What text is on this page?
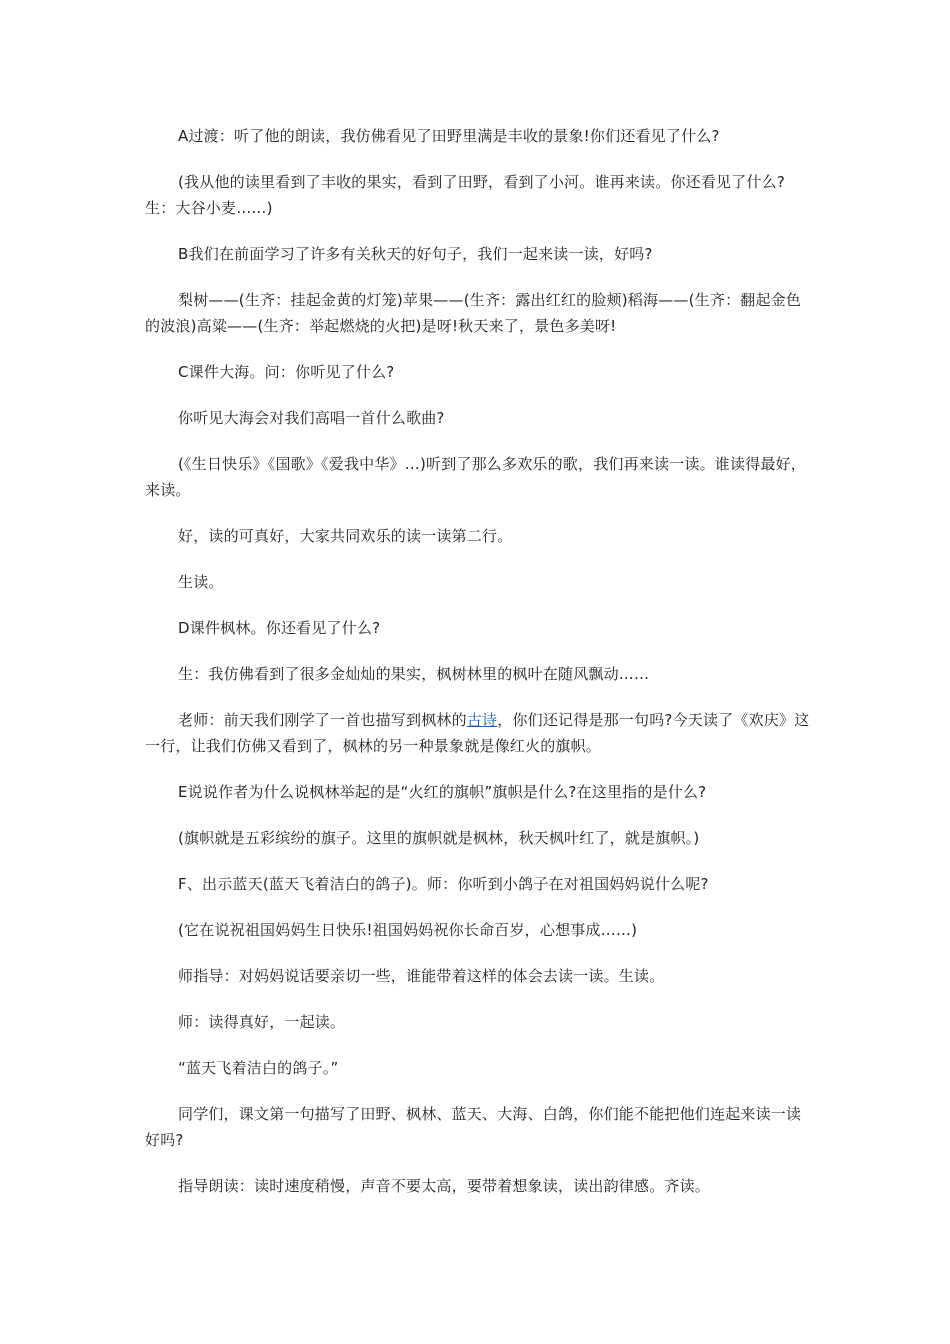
A过渡：听了他的朗读，我仿佛看见了田野里满是丰收的景象!你们还看见了什么?

(我从他的读里看到了丰收的果实，看到了田野，看到了小河。谁再来读。你还看见了什么?生：大谷小麦……)

B我们在前面学习了许多有关秋天的好句子，我们一起来读一读，好吗?

梨树——(生齐：挂起金黄的灯笼)苹果——(生齐：露出红红的脸颊)稻海——(生齐：翻起金色的波浪)高粱——(生齐：举起燃烧的火把)是呀!秋天来了，景色多美呀!

C课件大海。问：你听见了什么?

你听见大海会对我们高唱一首什么歌曲?

(《生日快乐》《国歌》《爱我中华》…)听到了那么多欢乐的歌，我们再来读一读。谁读得最好，来读。

好，读的可真好，大家共同欢乐的读一读第二行。

生读。

D课件枫林。你还看见了什么?

生：我仿佛看到了很多金灿灿的果实，枫树林里的枫叶在随风飘动……

老师：前天我们刚学了一首也描写到枫林的古诗，你们还记得是那一句吗?今天读了《欢庆》这一行，让我们仿佛又看到了，枫林的另一种景象就是像红火的旗帜。

E说说作者为什么说枫林举起的是“火红的旗帜”旗帜是什么?在这里指的是什么?

(旗帜就是五彩缤纷的旗子。这里的旗帜就是枫林，秋天枫叶红了，就是旗帜。)

F、出示蓝天(蓝天飞着洁白的鸽子)。师：你听到小鸽子在对祖国妈妈说什么呢?

(它在说祝祖国妈妈生日快乐!祖国妈妈祝你长命百岁，心想事成……)

师指导：对妈妈说话要亲切一些，谁能带着这样的体会去读一读。生读。

师：读得真好，一起读。

“蓝天飞着洁白的鸽子。”

同学们，课文第一句描写了田野、枫林、蓝天、大海、白鸽，你们能不能把他们连起来读一读好吗?

指导朗读：读时速度稍慢，声音不要太高，要带着想象读，读出韵律感。齐读。
